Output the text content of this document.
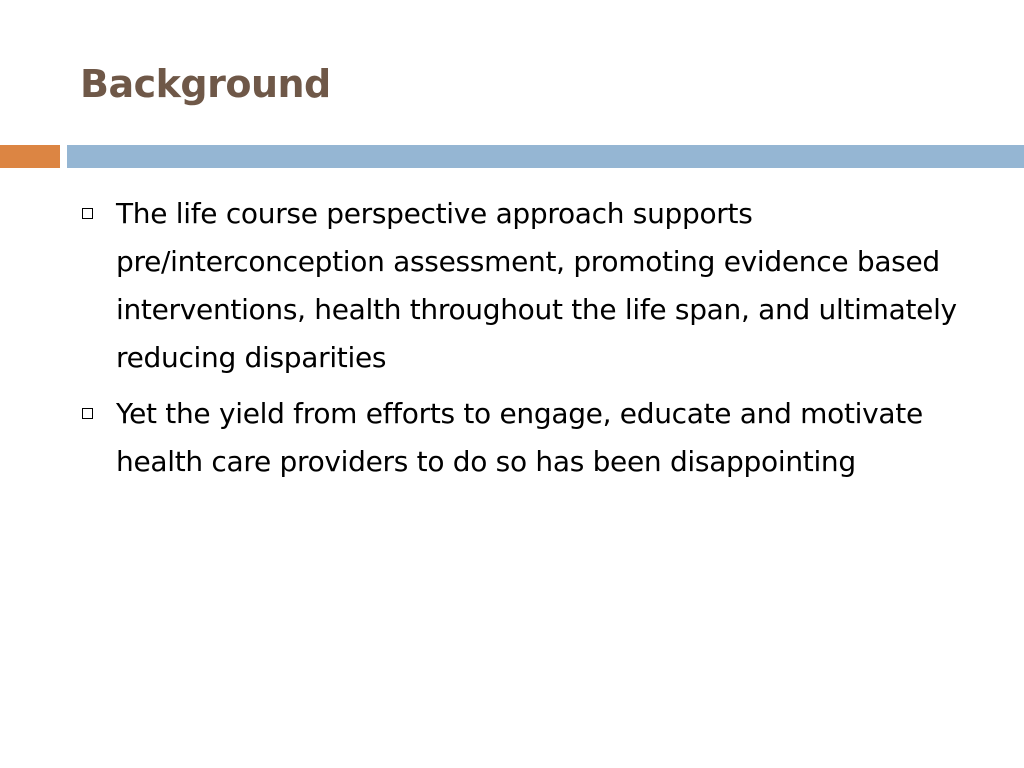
Background
The life course perspective approach supports pre/interconception assessment, promoting evidence based interventions, health throughout the life span, and ultimately reducing disparities
Yet the yield from efforts to engage, educate and motivate health care providers to do so has been disappointing
